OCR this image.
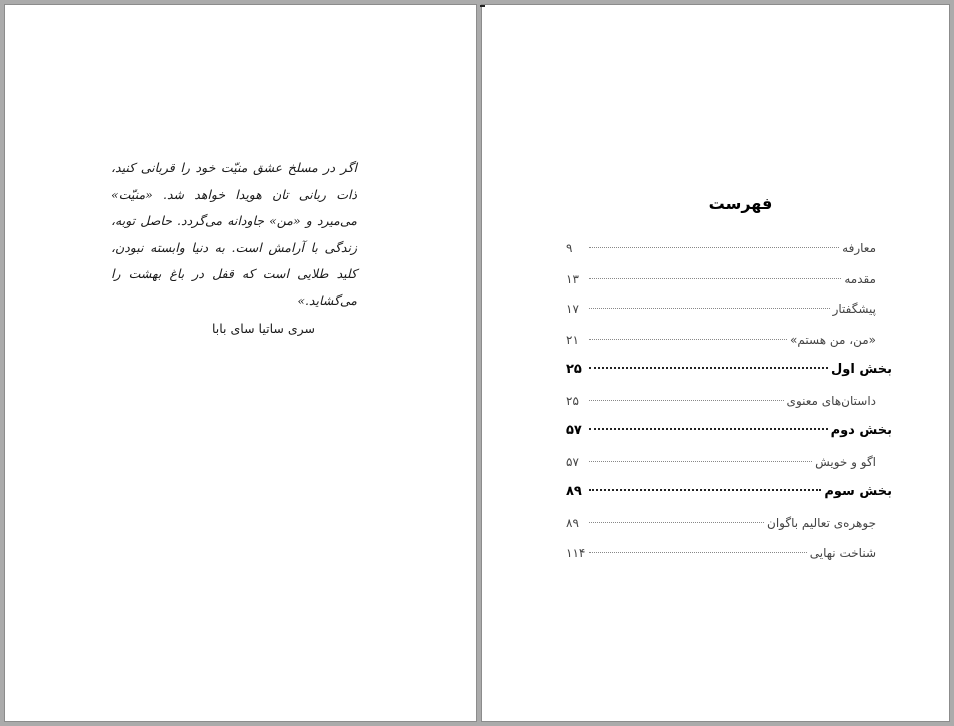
اگر در مسلخ عشق منیّت خود را قربانی کنید، ذات ربانی تان هویدا خواهد شد. «منیّت» می‌میرد و «من» جاودانه می‌گردد. حاصل توبه، زندگی با آرامش است. به دنیا وابسته نبودن، کلید طلایی است که قفل در باغ بهشت را می‌گشاید.»
سری ساتیا سای بابا
فهرست
معارفه
۹
مقدمه
۱۳
پیشگفتار
۱۷
«من، من هستم»
۲۱
بخش اول
۲۵
داستان‌های معنوی
۲۵
بخش دوم
۵۷
اگو و خویش
۵۷
بخش سوم
۸۹
جوهره‌ی تعالیم باگوان
۸۹
شناخت نهایی
۱۱۴
